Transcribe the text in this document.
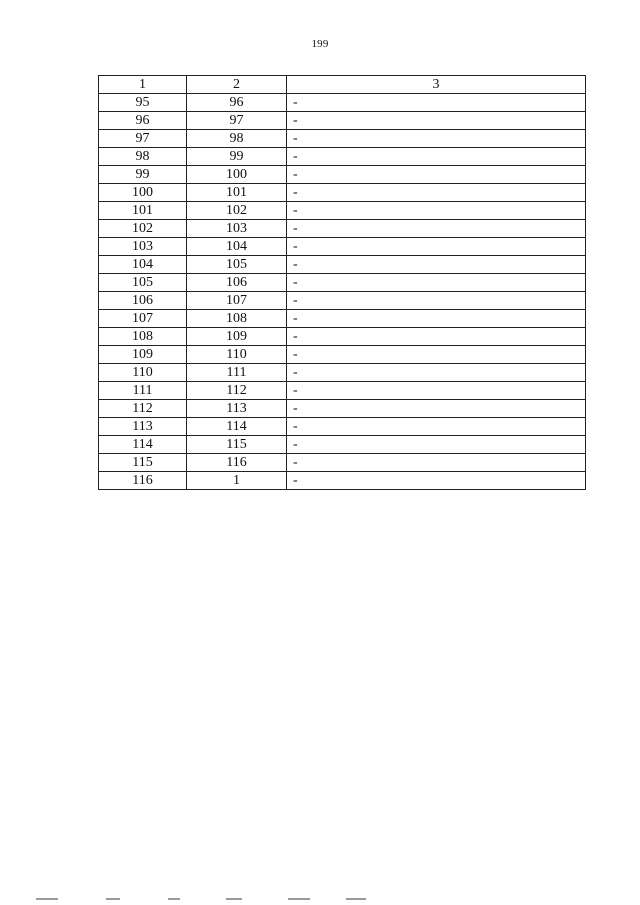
199
1	2	3
95	96	-
96	97	-
97	98	-
98	99	-
99	100	-
100	101	-
101	102	-
102	103	-
103	104	-
104	105	-
105	106	-
106	107	-
107	108	-
108	109	-
109	110	-
110	111	-
111	112	-
112	113	-
113	114	-
114	115	-
115	116	-
116	1	-
